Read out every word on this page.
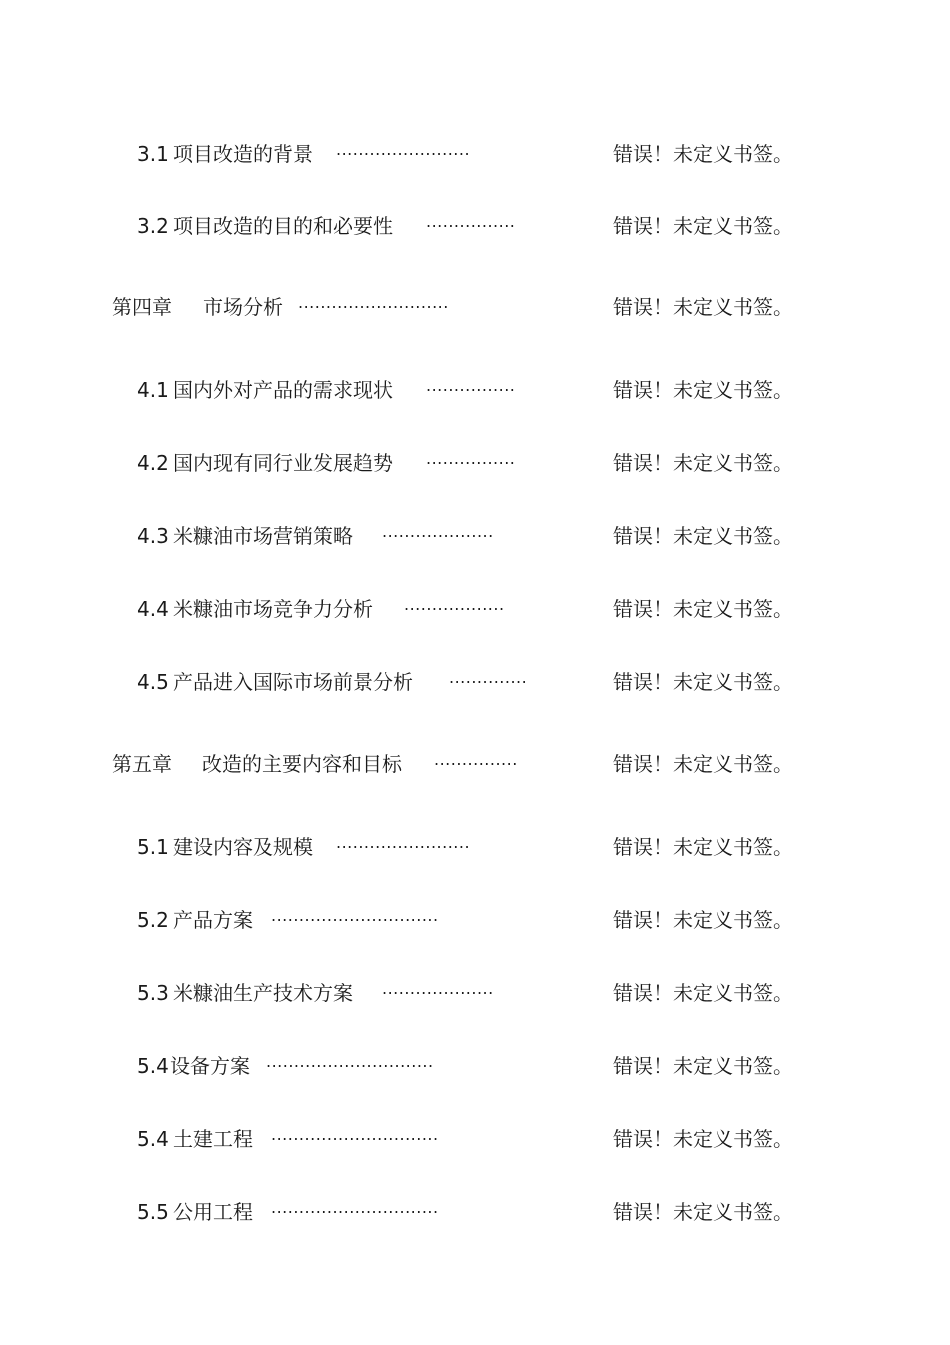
3.1 项目改造的背景 ........................	错误！未定义书签。
3.2 项目改造的目的和必要性 ................	错误！未定义书签。
第四章 市场分析 ...........................	错误！未定义书签。
4.1 国内外对产品的需求现状 ................	错误！未定义书签。
4.2 国内现有同行业发展趋势 ................	错误！未定义书签。
4.3 米糠油市场营销策略 ....................	错误！未定义书签。
4.4 米糠油市场竞争力分析 ..................	错误！未定义书签。
4.5 产品进入国际市场前景分析 ..............	错误！未定义书签。
第五章 改造的主要内容和目标 ...............	错误！未定义书签。
5.1 建设内容及规模 ........................	错误！未定义书签。
5.2 产品方案 ..............................	错误！未定义书签。
5.3 米糠油生产技术方案 ....................	错误！未定义书签。
5.4 设备方案 ..............................	错误！未定义书签。
5.4 土建工程 ..............................	错误！未定义书签。
5.5 公用工程 ..............................	错误！未定义书签。
